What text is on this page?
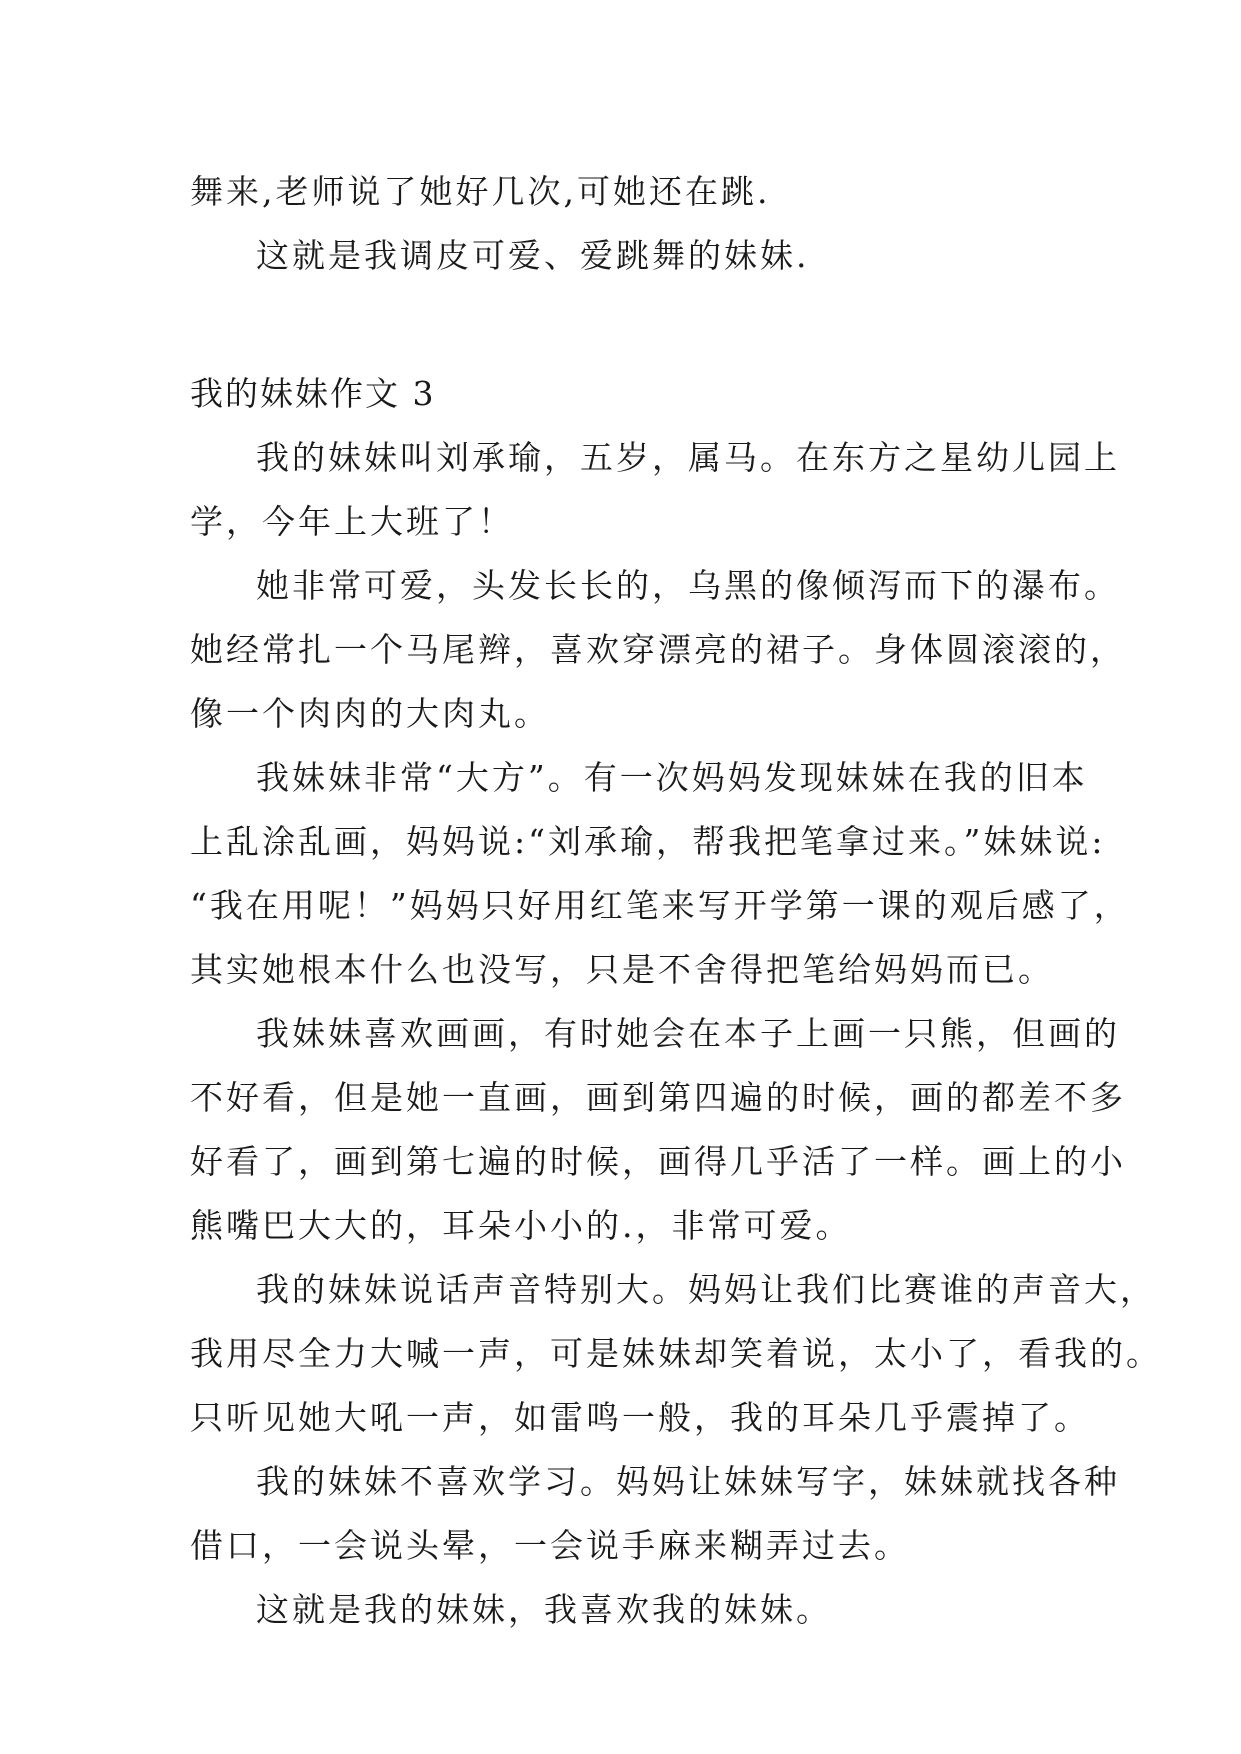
舞来,老师说了她好几次,可她还在跳.
这就是我调皮可爱、爱跳舞的妹妹.
我的妹妹作文 3
我的妹妹叫刘承瑜，五岁，属马。在东方之星幼儿园上
学，今年上大班了！
她非常可爱，头发长长的，乌黑的像倾泻而下的瀑布。
她经常扎一个马尾辫，喜欢穿漂亮的裙子。身体圆滚滚的，
像一个肉肉的大肉丸。
我妹妹非常“大方”。有一次妈妈发现妹妹在我的旧本
上乱涂乱画，妈妈说:“刘承瑜，帮我把笔拿过来。”妹妹说:
“我在用呢！”妈妈只好用红笔来写开学第一课的观后感了，
其实她根本什么也没写，只是不舍得把笔给妈妈而已。
我妹妹喜欢画画，有时她会在本子上画一只熊，但画的
不好看，但是她一直画，画到第四遍的时候，画的都差不多
好看了，画到第七遍的时候，画得几乎活了一样。画上的小
熊嘴巴大大的，耳朵小小的.，非常可爱。
我的妹妹说话声音特别大。妈妈让我们比赛谁的声音大，
我用尽全力大喊一声，可是妹妹却笑着说，太小了，看我的。
只听见她大吼一声，如雷鸣一般，我的耳朵几乎震掉了。
我的妹妹不喜欢学习。妈妈让妹妹写字，妹妹就找各种
借口，一会说头晕，一会说手麻来糊弄过去。
这就是我的妹妹，我喜欢我的妹妹。
